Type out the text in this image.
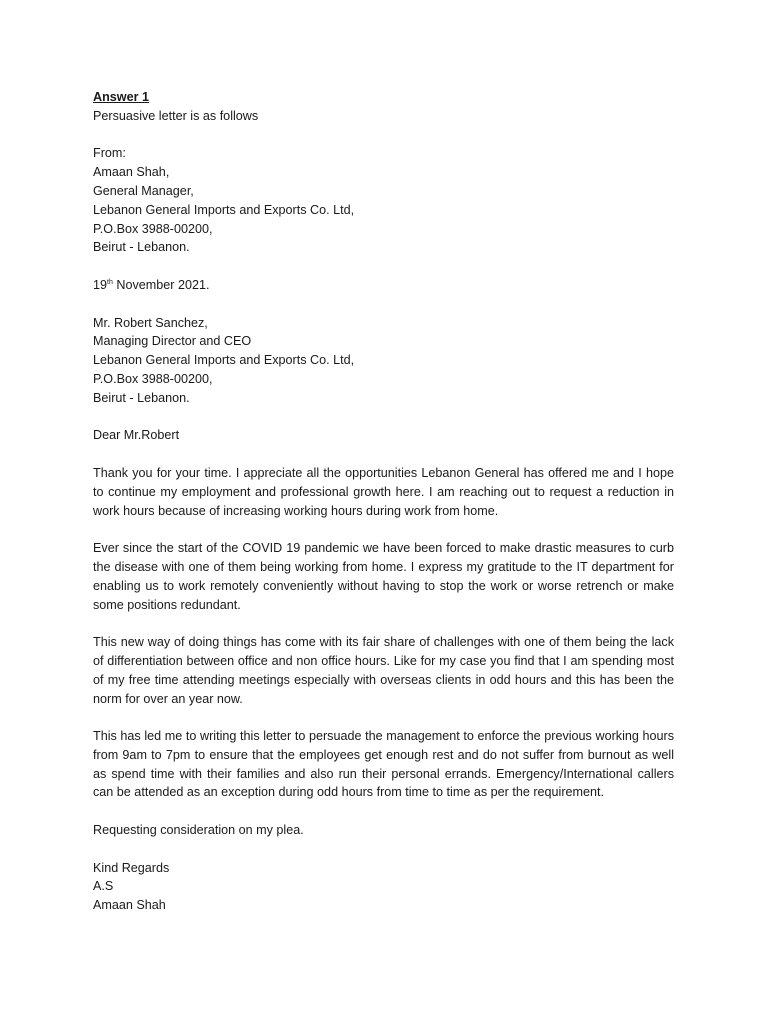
Answer 1
Persuasive letter is as follows
From:
Amaan Shah,
General Manager,
Lebanon General Imports and Exports Co. Ltd,
P.O.Box 3988-00200,
Beirut - Lebanon.
19th November 2021.
Mr. Robert Sanchez,
Managing Director and CEO
Lebanon General Imports and Exports Co. Ltd,
P.O.Box 3988-00200,
Beirut - Lebanon.
Dear Mr.Robert

Thank you for your time. I appreciate all the opportunities Lebanon General has offered me and I hope to continue my employment and professional growth here. I am reaching out to request a reduction in work hours because of increasing working hours during work from home.

Ever since the start of the COVID 19 pandemic we have been forced to make drastic measures to curb the disease with one of them being working from home. I express my gratitude to the IT department for enabling us to work remotely conveniently without having to stop the work or worse retrench or make some positions redundant.

This new way of doing things has come with its fair share of challenges with one of them being the lack of differentiation between office and non office hours. Like for my case you find that I am spending most of my free time attending meetings especially with overseas clients in odd hours and this has been the norm for over an year now.

This has led me to writing this letter to persuade the management to enforce the previous working hours from 9am to 7pm to ensure that the employees get enough rest and do not suffer from burnout as well as spend time with their families and also run their personal errands. Emergency/International callers can be attended as an exception during odd hours from time to time as per the requirement.

Requesting consideration on my plea.
Kind Regards
A.S
Amaan Shah
